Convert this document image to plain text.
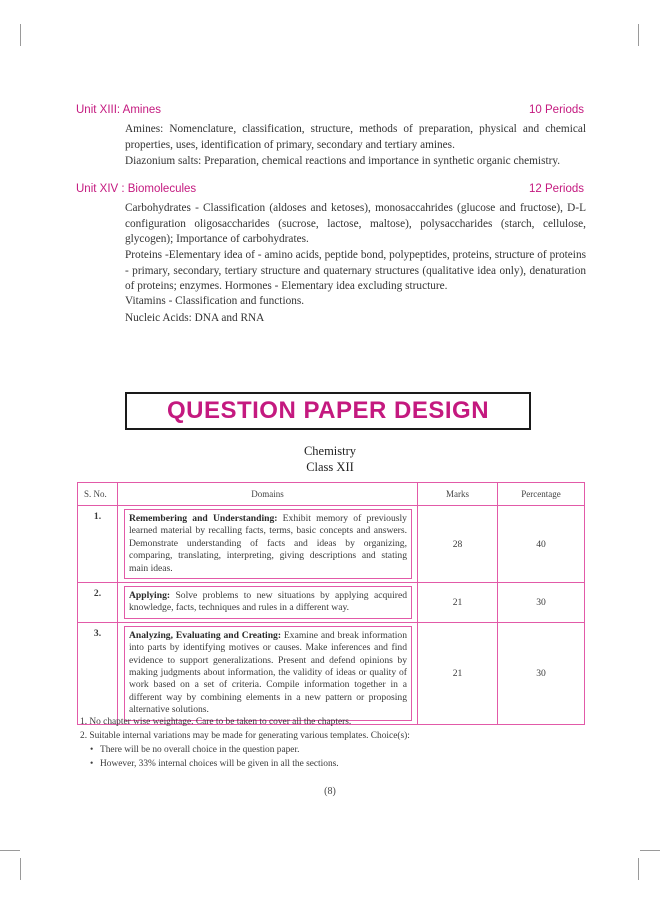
Unit XIII: Amines	10 Periods

Amines: Nomenclature, classification, structure, methods of preparation, physical and chemical properties, uses, identification of primary, secondary and tertiary amines.

Diazonium salts: Preparation, chemical reactions and importance in synthetic organic chemistry.

Unit XIV : Biomolecules	12 Periods

Carbohydrates - Classification (aldoses and ketoses), monosaccahrides (glucose and fructose), D-L configuration oligosaccharides (sucrose, lactose, maltose), polysaccharides (starch, cellulose, glycogen); Importance of carbohydrates.

Proteins -Elementary idea of - amino acids, peptide bond, polypeptides, proteins, structure of proteins - primary, secondary, tertiary structure and quaternary structures (qualitative idea only), denaturation of proteins; enzymes. Hormones - Elementary idea excluding structure.

Vitamins - Classification and functions.

Nucleic Acids: DNA and RNA

QUESTION PAPER DESIGN
Chemistry
Class XII
S. No.	Domains	Marks	Percentage
1.	Remembering and Understanding: Exhibit memory of previously learned material by recalling facts, terms, basic concepts and answers. Demonstrate understanding of facts and ideas by organizing, comparing, translating, interpreting, giving descriptions and stating main ideas.	28	40
2.	Applying: Solve problems to new situations by applying acquired knowledge, facts, techniques and rules in a different way.	21	30
3.	Analyzing, Evaluating and Creating: Examine and break information into parts by identifying motives or causes. Make inferences and find evidence to support generalizations. Present and defend opinions by making judgments about information, the validity of ideas or quality of work based on a set of criteria. Compile information together in a different way by combining elements in a new pattern or proposing alternative solutions.	21	30

1. No chapter wise weightage. Care to be taken to cover all the chapters.

2. Suitable internal variations may be made for generating various templates. Choice(s):

• There will be no overall choice in the question paper.

• However, 33% internal choices will be given in all the sections.

(8)
